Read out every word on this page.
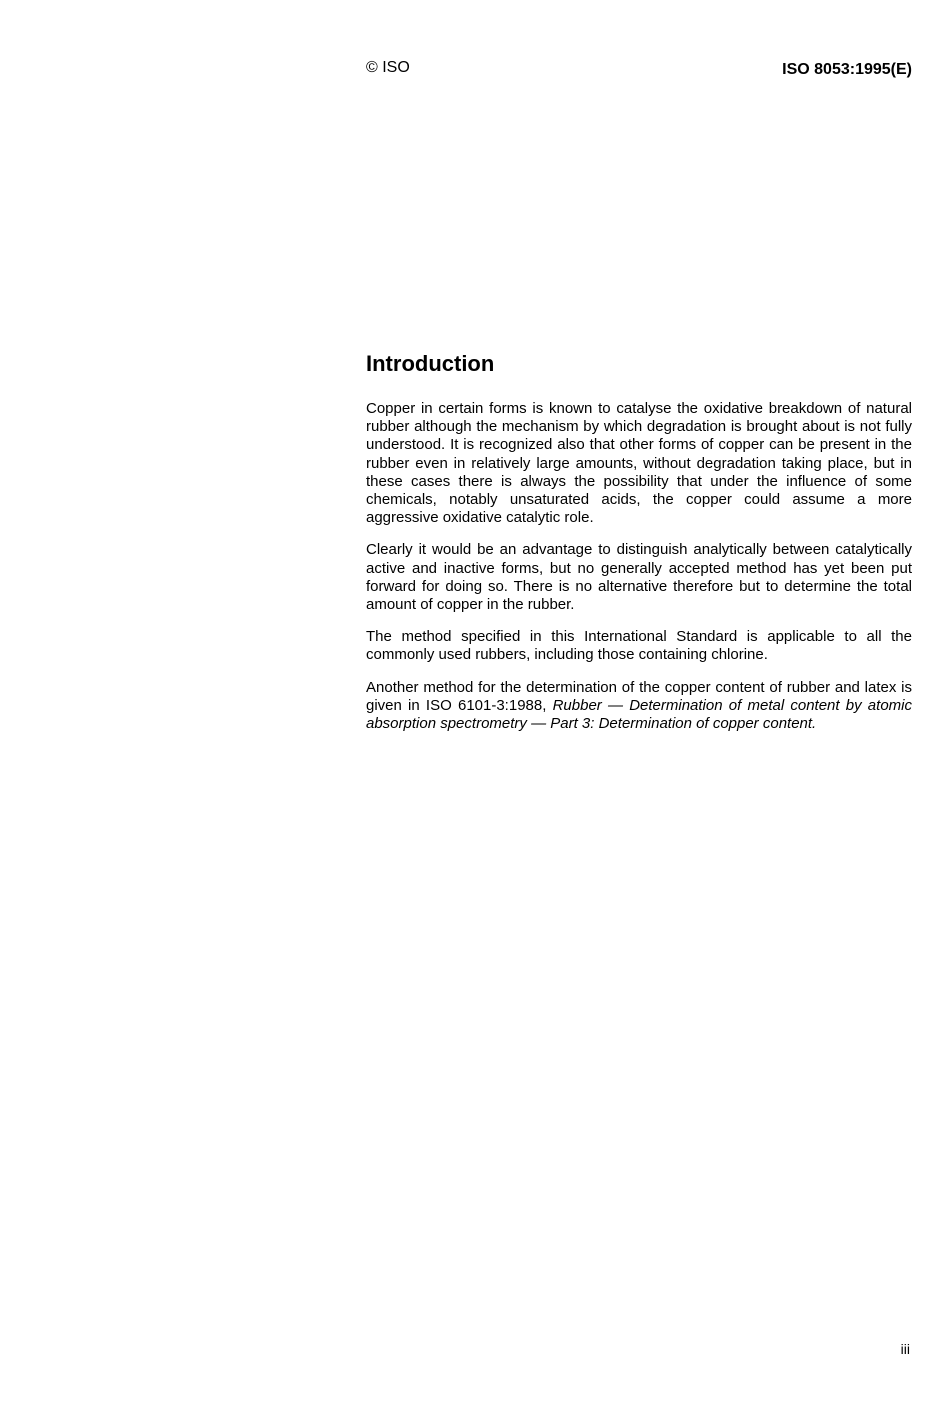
© ISO	ISO 8053:1995(E)
Introduction

Copper in certain forms is known to catalyse the oxidative breakdown of natural rubber although the mechanism by which degradation is brought about is not fully understood. It is recognized also that other forms of copper can be present in the rubber even in relatively large amounts, without degradation taking place, but in these cases there is always the possibility that under the influence of some chemicals, notably unsaturated acids, the copper could assume a more aggressive oxidative catalytic role.

Clearly it would be an advantage to distinguish analytically between catalytically active and inactive forms, but no generally accepted method has yet been put forward for doing so. There is no alternative therefore but to determine the total amount of copper in the rubber.

The method specified in this International Standard is applicable to all the commonly used rubbers, including those containing chlorine.

Another method for the determination of the copper content of rubber and latex is given in ISO 6101-3:1988, Rubber — Determination of metal content by atomic absorption spectrometry — Part 3: Determination of copper content.

iii
